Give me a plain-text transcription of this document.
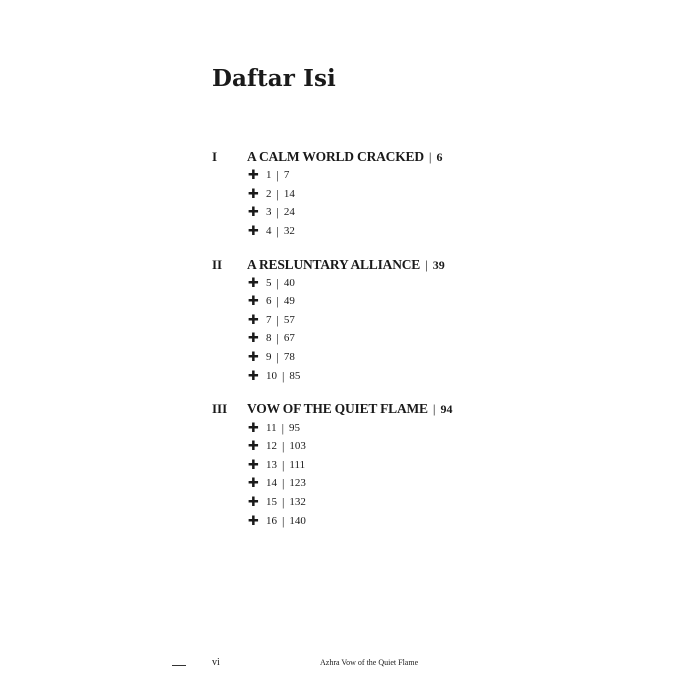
Daftar Isi
I	A CALM WORLD CRACKED | 6
✚ 1 | 7
✚ 2 | 14
✚ 3 | 24
✚ 4 | 32
II	A RESLUNTARY ALLIANCE | 39
✚ 5 | 40
✚ 6 | 49
✚ 7 | 57
✚ 8 | 67
✚ 9 | 78
✚ 10 | 85
III	VOW OF THE QUIET FLAME | 94
✚ 11 | 95
✚ 12 | 103
✚ 13 | 111
✚ 14 | 123
✚ 15 | 132
✚ 16 | 140
vi	Azhra Vow of the Quiet Flame
